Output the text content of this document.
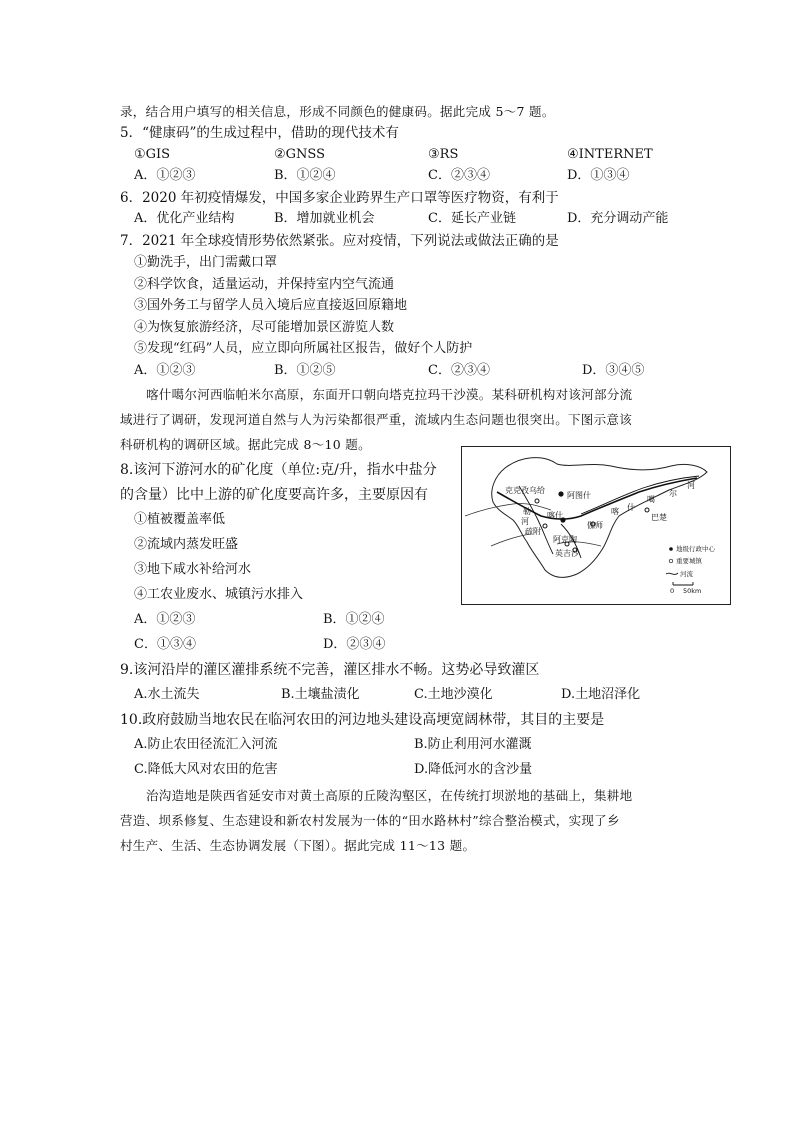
录，结合用户填写的相关信息，形成不同颜色的健康码。据此完成 5～7 题。
5．“健康码”的生成过程中，借助的现代技术有
①GIS	②GNSS	③RS	④INTERNET
A．①②③	B．①②④	C．②③④	D．①③④
6．2020 年初疫情爆发，中国多家企业跨界生产口罩等医疗物资，有利于
A．优化产业结构	B．增加就业机会	C．延长产业链	D．充分调动产能
7．2021 年全球疫情形势依然紧张。应对疫情，下列说法或做法正确的是
①勤洗手，出门需戴口罩
②科学饮食，适量运动，并保持室内空气流通
③国外务工与留学人员入境后应直接返回原籍地
④为恢复旅游经济，尽可能增加景区游览人数
⑤发现“红码”人员，应立即向所属社区报告，做好个人防护
A．①②③	B．①②⑤	C．②③④	D．③④⑤
喀什噶尔河西临帕米尔高原，东面开口朝向塔克拉玛干沙漠。某科研机构对该河部分流
域进行了调研，发现河道自然与人为污染都很严重，流域内生态问题也很突出。下图示意该
科研机构的调研区域。据此完成 8～10 题。
8.该河下游河水的矿化度（单位:克/升，指水中盐分
的含量）比中上游的矿化度要高许多，主要原因有
①植被覆盖率低
②流域内蒸发旺盛
③地下咸水补给河水
④工农业废水、城镇污水排入
A．①②③	B．①②④
C．①③④	D．②③④
克 克孜乌给
勒
河
喀什
疏附
伽师
阿克陶
英吉沙
阿图什
喀 什
噶
尔
河
巴楚
地级行政中心
重要城镇
河流
0 50km
9.该河沿岸的灌区灌排系统不完善，灌区排水不畅。这势必导致灌区
A.水土流失	B.土壤盐渍化	C.土地沙漠化	D.土地沼泽化
10.政府鼓励当地农民在临河农田的河边地头建设高埂宽阔林带，其目的主要是
A.防止农田径流汇入河流	B.防止利用河水灌溉
C.降低大风对农田的危害	D.降低河水的含沙量
治沟造地是陕西省延安市对黄土高原的丘陵沟壑区，在传统打坝淤地的基础上，集耕地
营造、坝系修复、生态建设和新农村发展为一体的“田水路林村”综合整治模式，实现了乡
村生产、生活、生态协调发展（下图）。据此完成 11～13 题。
